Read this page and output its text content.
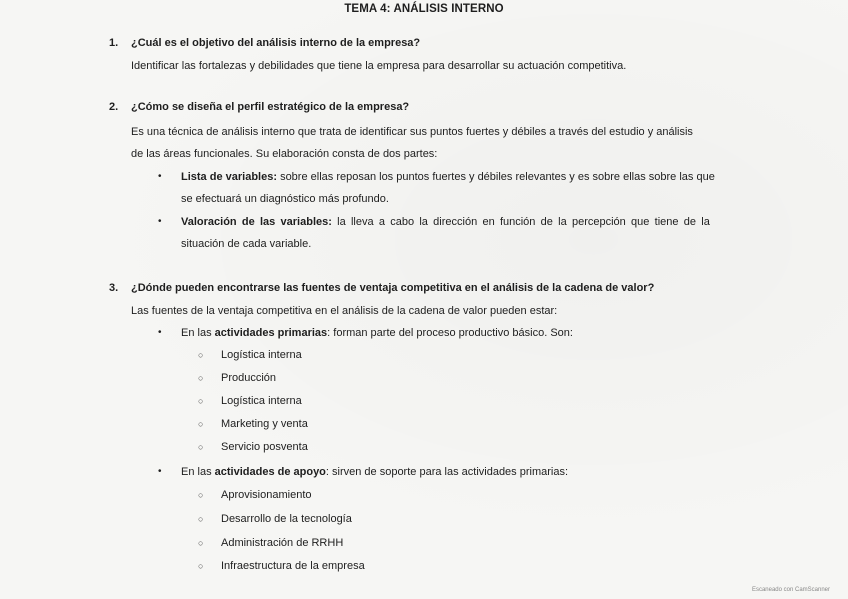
TEMA 4: ANÁLISIS INTERNO
1. ¿Cuál es el objetivo del análisis interno de la empresa?
Identificar las fortalezas y debilidades que tiene la empresa para desarrollar su actuación competitiva.
2. ¿Cómo se diseña el perfil estratégico de la empresa?
Es una técnica de análisis interno que trata de identificar sus puntos fuertes y débiles a través del estudio y análisis
de las áreas funcionales. Su elaboración consta de dos partes:
• Lista de variables: sobre ellas reposan los puntos fuertes y débiles relevantes y es sobre ellas sobre las que
se efectuará un diagnóstico más profundo.
• Valoración de las variables: la lleva a cabo la dirección en función de la percepción que tiene de la
situación de cada variable.
3. ¿Dónde pueden encontrarse las fuentes de ventaja competitiva en el análisis de la cadena de valor?
Las fuentes de la ventaja competitiva en el análisis de la cadena de valor pueden estar:
• En las actividades primarias: forman parte del proceso productivo básico. Son:
○ Logística interna
○ Producción
○ Logística interna
○ Marketing y venta
○ Servicio posventa
• En las actividades de apoyo: sirven de soporte para las actividades primarias:
○ Aprovisionamiento
○ Desarrollo de la tecnología
○ Administración de RRHH
○ Infraestructura de la empresa
Escaneado con CamScanner
